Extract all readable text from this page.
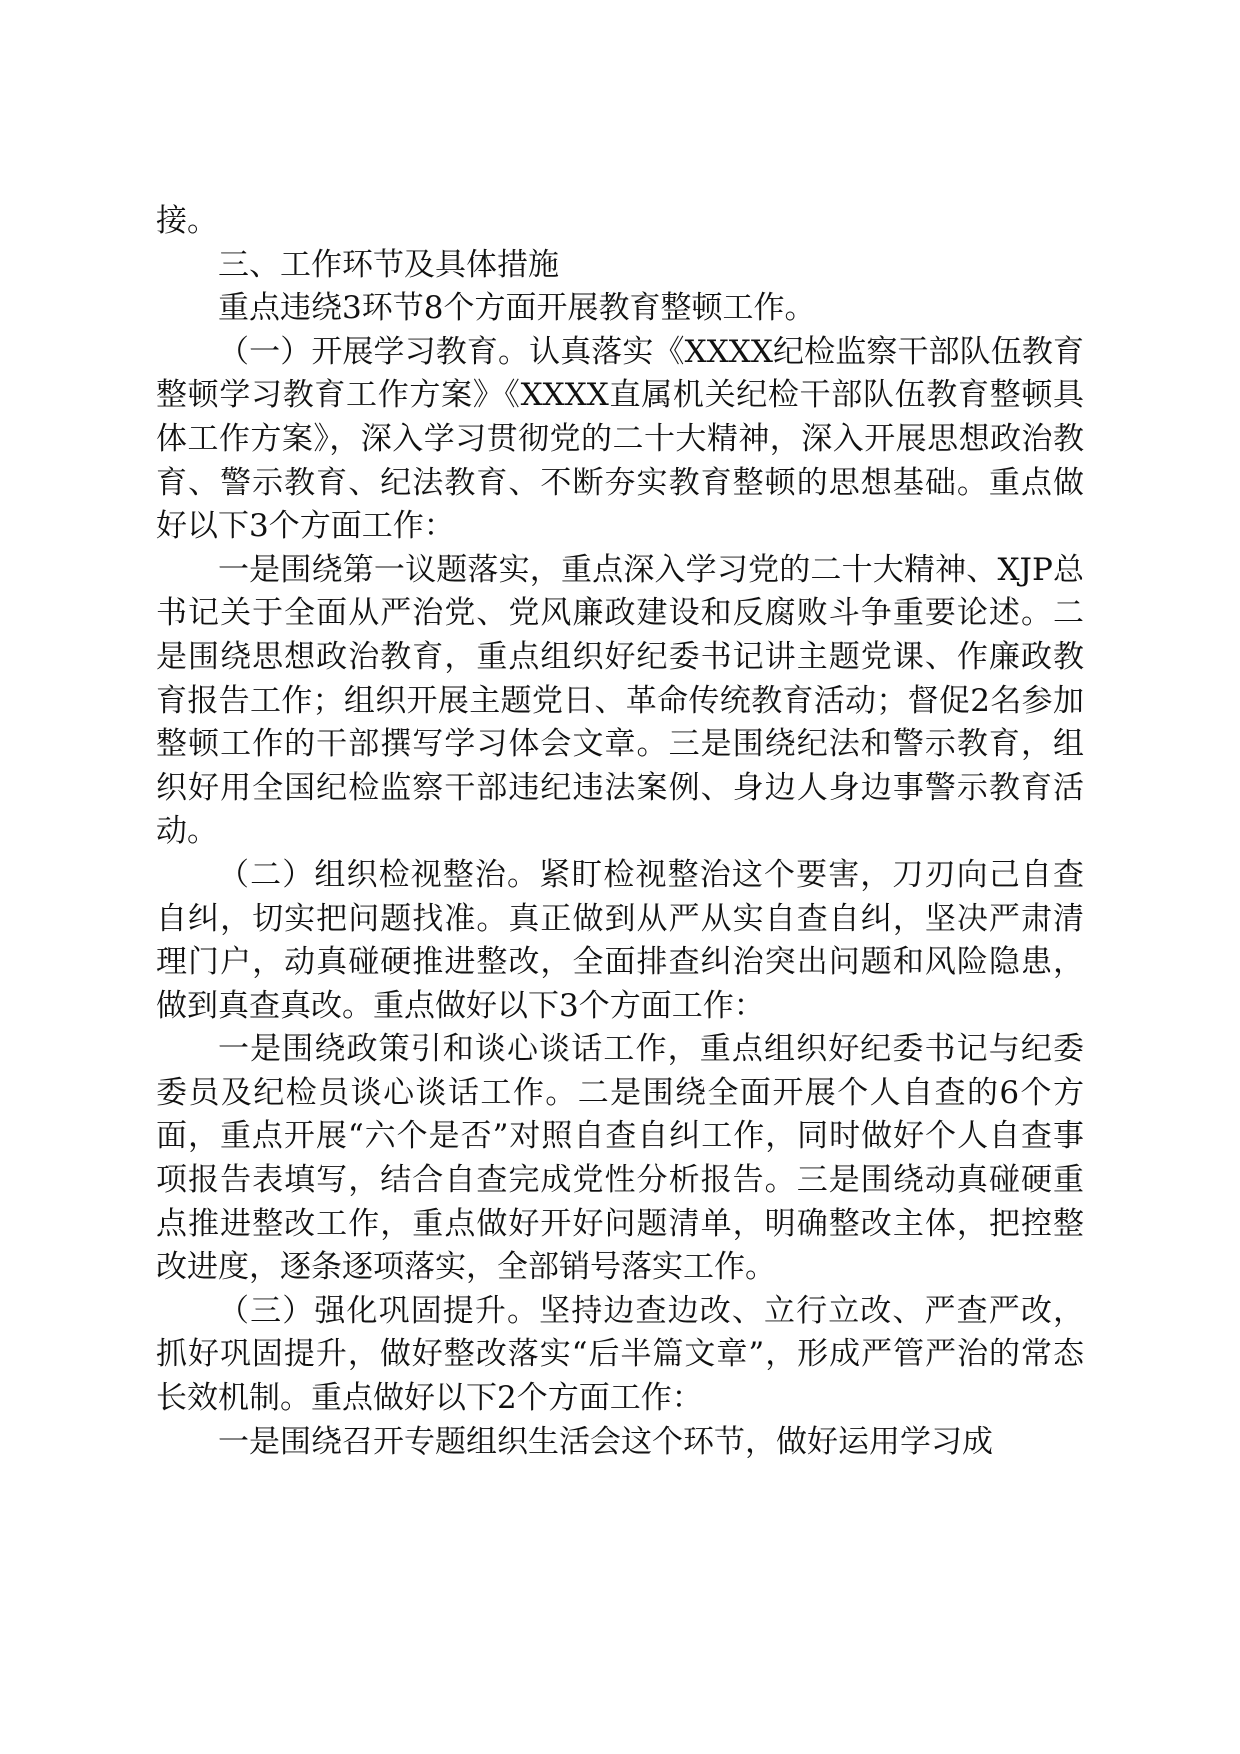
接。

三、工作环节及具体措施

重点违绕3环节8个方面开展教育整顿工作。

（一）开展学习教育。认真落实《XXXX纪检监察干部队伍教育整顿学习教育工作方案》《XXXX直属机关纪检干部队伍教育整顿具体工作方案》，深入学习贯彻党的二十大精神，深入开展思想政治教育、警示教育、纪法教育、不断夯实教育整顿的思想基础。重点做好以下3个方面工作：

一是围绕第一议题落实，重点深入学习党的二十大精神、XJP总书记关于全面从严治党、党风廉政建设和反腐败斗争重要论述。二是围绕思想政治教育，重点组织好纪委书记讲主题党课、作廉政教育报告工作；组织开展主题党日、革命传统教育活动；督促2名参加整顿工作的干部撰写学习体会文章。三是围绕纪法和警示教育，组织好用全国纪检监察干部违纪违法案例、身边人身边事警示教育活动。

（二）组织检视整治。紧盯检视整治这个要害，刀刃向己自查自纠，切实把问题找准。真正做到从严从实自查自纠，坚决严肃清理门户，动真碰硬推进整改，全面排查纠治突出问题和风险隐患，做到真查真改。重点做好以下3个方面工作：

一是围绕政策引和谈心谈话工作，重点组织好纪委书记与纪委委员及纪检员谈心谈话工作。二是围绕全面开展个人自查的6个方面，重点开展“六个是否”对照自查自纠工作，同时做好个人自查事项报告表填写，结合自查完成党性分析报告。三是围绕动真碰硬重点推进整改工作，重点做好开好问题清单，明确整改主体，把控整改进度，逐条逐项落实，全部销号落实工作。

（三）强化巩固提升。坚持边查边改、立行立改、严查严改，抓好巩固提升，做好整改落实“后半篇文章”，形成严管严治的常态长效机制。重点做好以下2个方面工作：

一是围绕召开专题组织生活会这个环节，做好运用学习成
